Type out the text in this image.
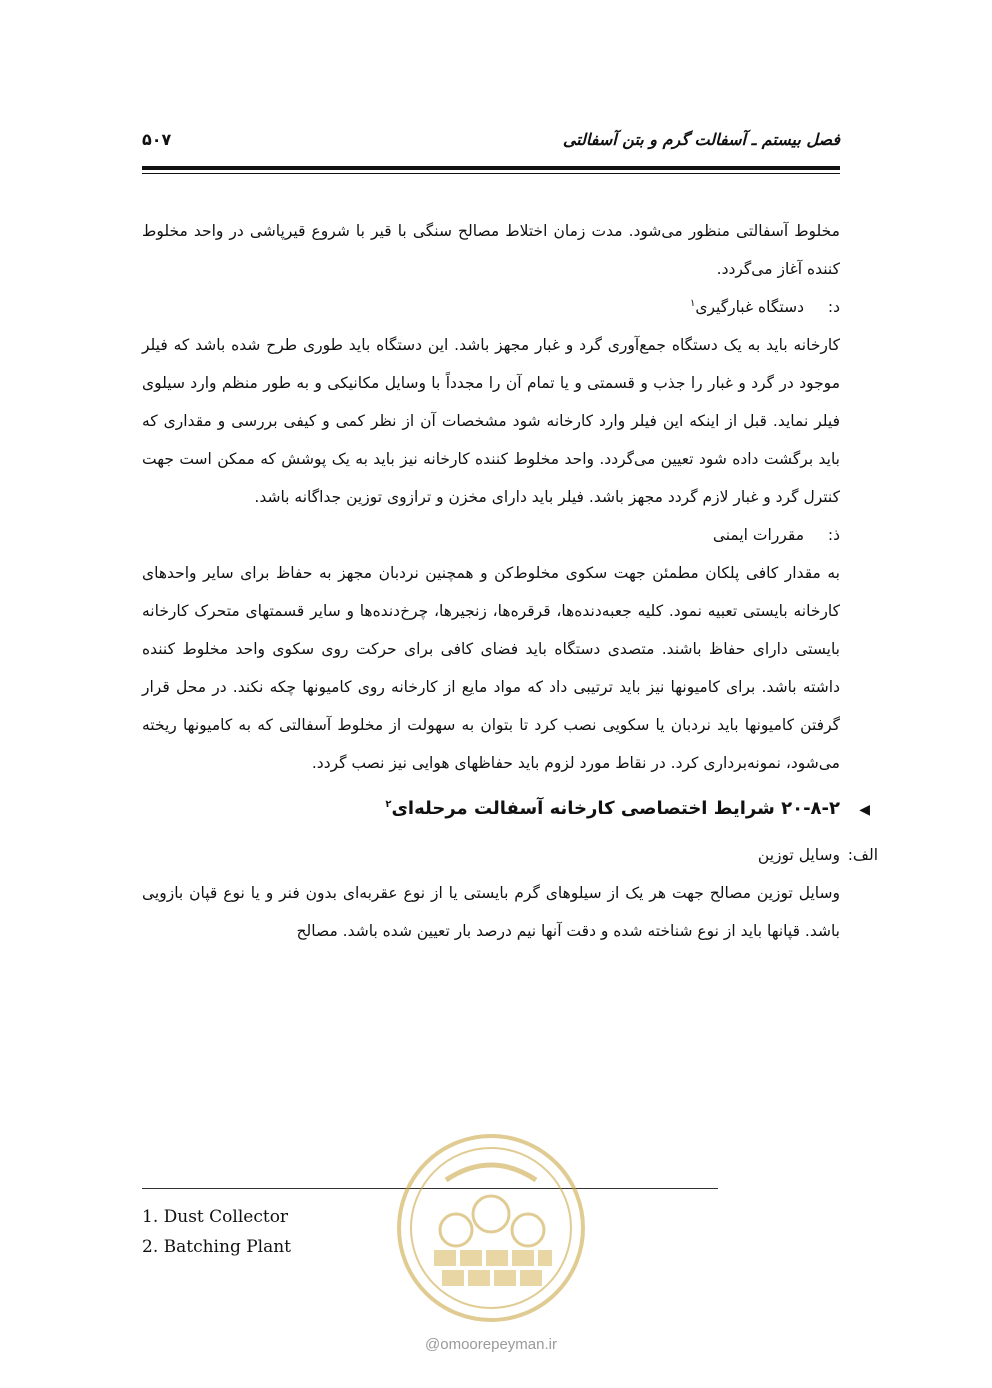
فصل بیستم ـ آسفالت گرم و بتن آسفالتی
۵۰۷

مخلوط آسفالتی منظور می‌شود. مدت زمان اختلاط مصالح سنگی با قیر با شروع قیرپاشی در واحد مخلوط کننده آغاز می‌گردد.

د:
دستگاه غبارگیری$^۱$

کارخانه باید به یک دستگاه جمع‌آوری گرد و غبار مجهز باشد. این دستگاه باید طوری طرح شده باشد که فیلر موجود در گرد و غبار را جذب و قسمتی و یا تمام آن را مجدداً با وسایل مکانیکی و به طور منظم وارد سیلوی فیلر نماید. قبل از اینکه این فیلر وارد کارخانه شود مشخصات آن از نظر کمی و کیفی بررسی و مقداری که باید برگشت داده شود تعیین می‌گردد. واحد مخلوط کننده کارخانه نیز باید به یک پوشش که ممکن است جهت کنترل گرد و غبار لازم گردد مجهز باشد. فیلر باید دارای مخزن و ترازوی توزین جداگانه باشد.

ذ:
مقررات ایمنی

به مقدار کافی پلکان مطمئن جهت سکوی مخلوط‌کن و همچنین نردبان مجهز به حفاظ برای سایر واحدهای کارخانه بایستی تعبیه نمود. کلیه جعبه‌دنده‌ها، قرقره‌ها، زنجیرها، چرخ‌دنده‌ها و سایر قسمتهای متحرک کارخانه بایستی دارای حفاظ باشند. متصدی دستگاه باید فضای کافی برای حرکت روی سکوی واحد مخلوط کننده داشته باشد. برای کامیونها نیز باید ترتیبی داد که مواد مایع از کارخانه روی کامیونها چکه نکند. در محل قرار گرفتن کامیونها باید نردبان یا سکویی نصب کرد تا بتوان به سهولت از مخلوط آسفالتی که به کامیونها ریخته می‌شود، نمونه‌برداری کرد. در نقاط مورد لزوم باید حفاظهای هوایی نیز نصب گردد.

◀
۲۰-۸-۲ شرایط اختصاصی کارخانه آسفالت مرحله‌ای$^۲$
الف:
وسایل توزین

وسایل توزین مصالح جهت هر یک از سیلوهای گرم بایستی یا از نوع عقربه‌ای بدون فنر و یا نوع قپان بازویی باشد. قپانها باید از نوع شناخته شده و دقت آنها نیم درصد بار تعیین شده باشد. مصالح

1. Dust Collector
2. Batching Plant
@omoorepeyman.ir
